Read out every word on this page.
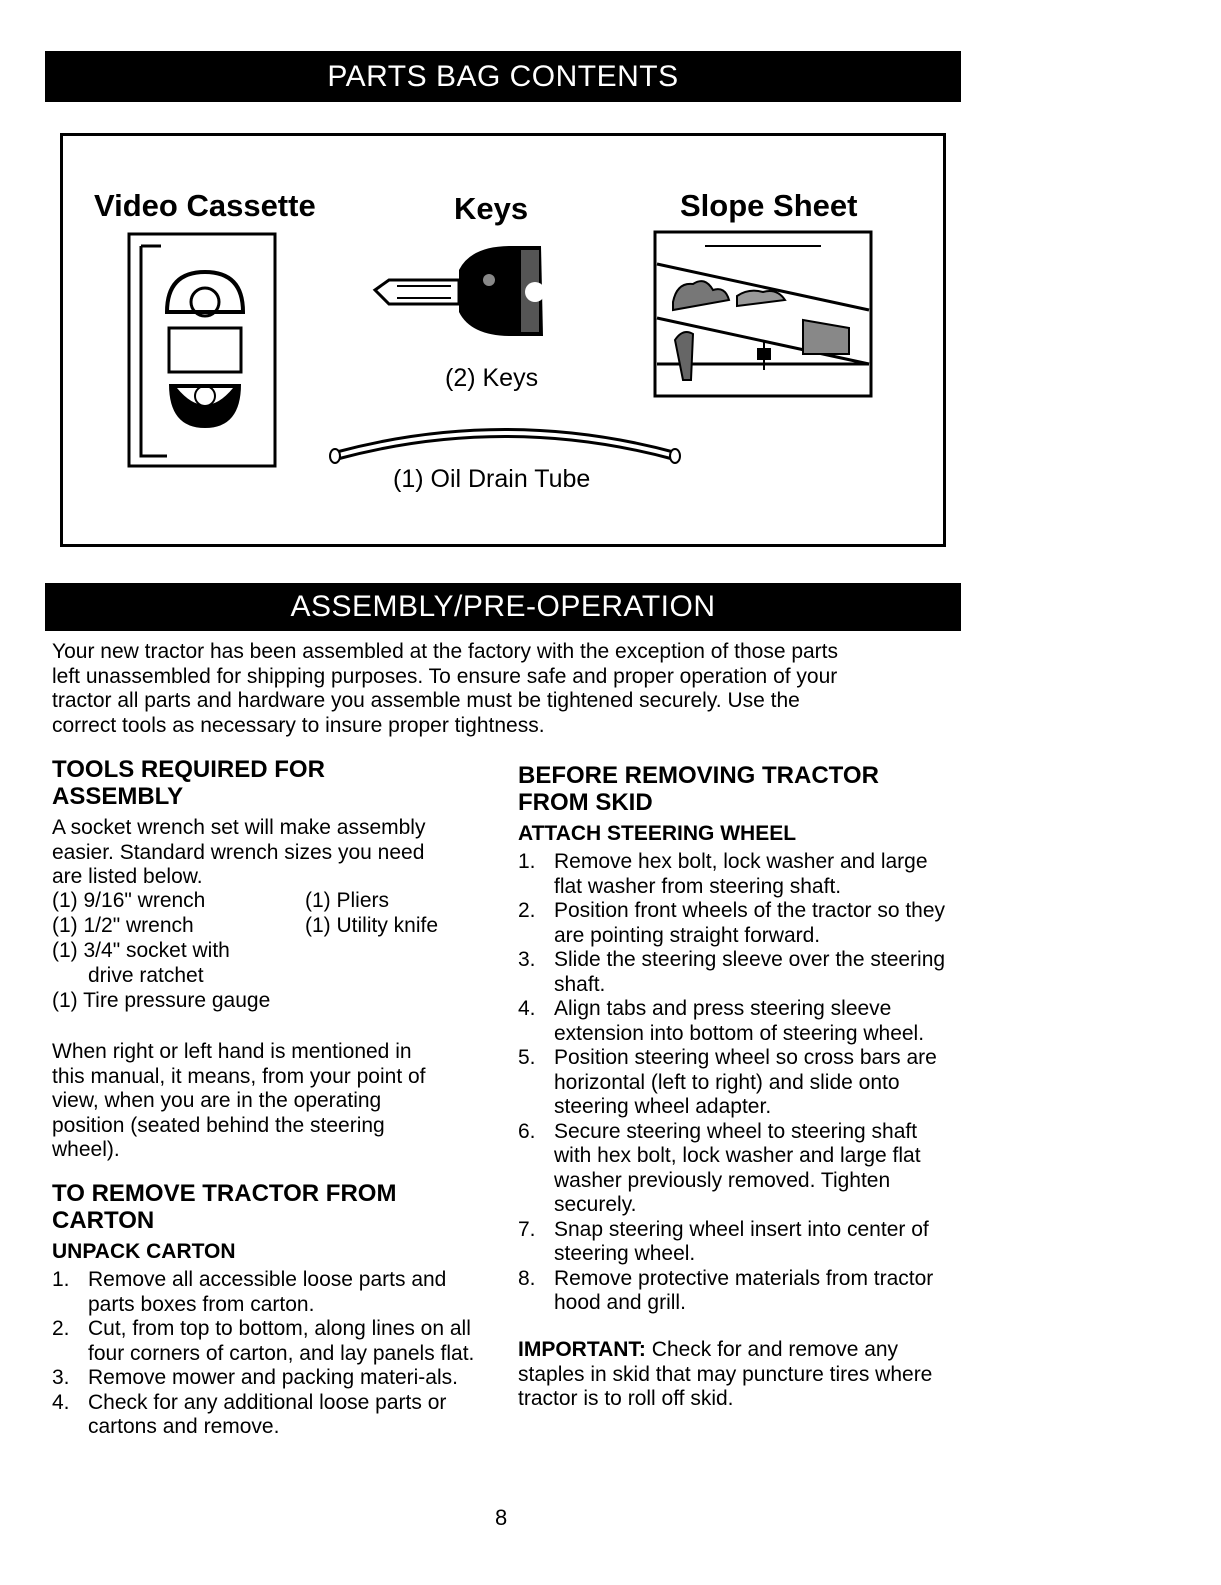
PARTS BAG CONTENTS
Video Cassette	Keys	Slope Sheet
(2) Keys
(1) Oil Drain Tube
ASSEMBLY/PRE-OPERATION
Your new tractor has been assembled at the factory with the exception of those parts
left unassembled for shipping purposes. To ensure safe and proper operation of your
tractor all parts and hardware you assemble must be tightened securely. Use the
correct tools as necessary to insure proper tightness.
TOOLS REQUIRED FOR
ASSEMBLY
A socket wrench set will make assembly
easier. Standard wrench sizes you need
are listed below.
(1) 9/16" wrench	(1) Pliers
(1) 1/2" wrench	(1) Utility knife
(1) 3/4" socket with
drive ratchet
(1) Tire pressure gauge
When right or left hand is mentioned in
this manual, it means, from your point of
view, when you are in the operating
position (seated behind the steering
wheel).
TO REMOVE TRACTOR FROM
CARTON
UNPACK CARTON
1. Remove all accessible loose parts and parts boxes from carton.
2. Cut, from top to bottom, along lines on all four corners of carton, and lay panels flat.
3. Remove mower and packing materi-als.
4. Check for any additional loose parts or cartons and remove.
BEFORE REMOVING TRACTOR
FROM SKID
ATTACH STEERING WHEEL
1. Remove hex bolt, lock washer and large flat washer from steering shaft.
2. Position front wheels of the tractor so they are pointing straight forward.
3. Slide the steering sleeve over the steering shaft.
4. Align tabs and press steering sleeve extension into bottom of steering wheel.
5. Position steering wheel so cross bars are horizontal (left to right) and slide onto steering wheel adapter.
6. Secure steering wheel to steering shaft with hex bolt, lock washer and large flat washer previously removed. Tighten securely.
7. Snap steering wheel insert into center of steering wheel.
8. Remove protective materials from tractor hood and grill.
IMPORTANT: Check for and remove any staples in skid that may puncture tires where tractor is to roll off skid.
8
